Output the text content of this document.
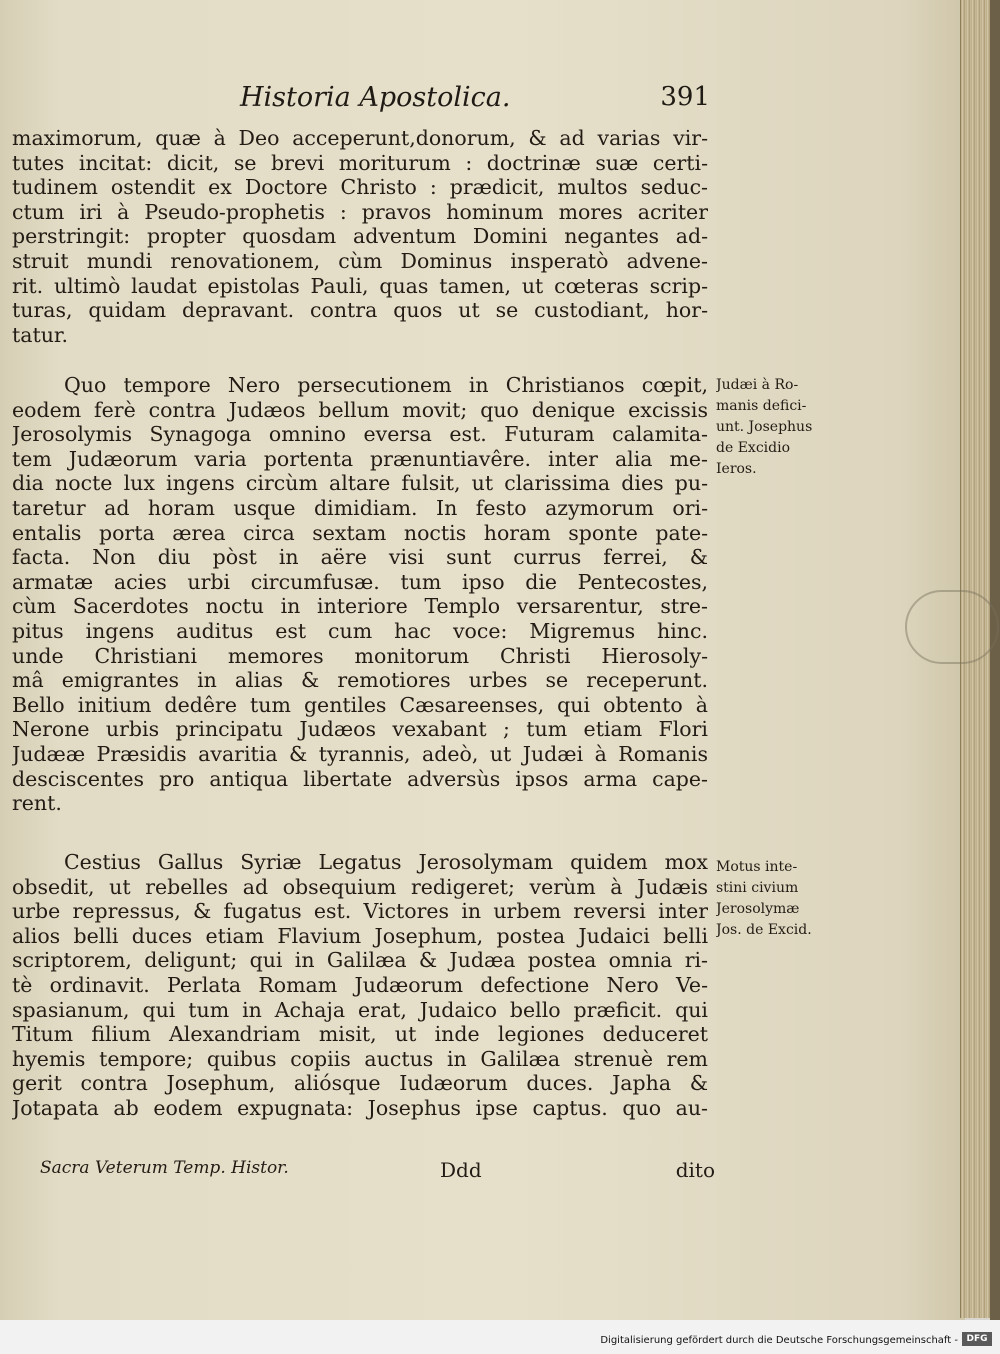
Historia Apostolica.	391
maximorum, quæ à Deo acceperunt,donorum, & ad varias vir-
tutes incitat: dicit, se brevi moriturum : doctrinæ suæ certi-
tudinem ostendit ex Doctore Christo : prædicit, multos seduc-
ctum iri à Pseudo-prophetis : pravos hominum mores acriter
perstringit: propter quosdam adventum Domini negantes ad-
struit mundi renovationem, cùm Dominus insperatò advene-
rit. ultimò laudat epistolas Pauli, quas tamen, ut cœteras scrip-
turas, quidam depravant. contra quos ut se custodiant, hor-
tatur.
Quo tempore Nero persecutionem in Christianos cœpit,
eodem ferè contra Judæos bellum movit; quo denique excissis
Jerosolymis Synagoga omnino eversa est. Futuram calamita-
tem Judæorum varia portenta prænuntiavêre. inter alia me-
dia nocte lux ingens circùm altare fulsit, ut clarissima dies pu-
taretur ad horam usque dimidiam. In festo azymorum ori-
entalis porta ærea circa sextam noctis horam sponte pate-
facta. Non diu pòst in aëre visi sunt currus ferrei, &
armatæ acies urbi circumfusæ. tum ipso die Pentecostes,
cùm Sacerdotes noctu in interiore Templo versarentur, stre-
pitus ingens auditus est cum hac voce: Migremus hinc.
unde Christiani memores monitorum Christi Hierosoly-
mâ emigrantes in alias & remotiores urbes se receperunt.
Bello initium dedêre tum gentiles Cæsareenses, qui obtento à
Nerone urbis principatu Judæos vexabant ; tum etiam Flori
Judææ Præsidis avaritia & tyrannis, adeò, ut Judæi à Romanis
desciscentes pro antiqua libertate adversùs ipsos arma cape-
rent.
Cestius Gallus Syriæ Legatus Jerosolymam quidem mox
obsedit, ut rebelles ad obsequium redigeret; verùm à Judæis
urbe repressus, & fugatus est. Victores in urbem reversi inter
alios belli duces etiam Flavium Josephum, postea Judaici belli
scriptorem, deligunt; qui in Galilæa & Judæa postea omnia ri-
tè ordinavit. Perlata Romam Judæorum defectione Nero Ve-
spasianum, qui tum in Achaja erat, Judaico bello præficit. qui
Titum filium Alexandriam misit, ut inde legiones deduceret
hyemis tempore; quibus copiis auctus in Galilæa strenuè rem
gerit contra Josephum, aliósque Iudæorum duces. Japha &
Jotapata ab eodem expugnata: Josephus ipse captus. quo au-
Judæi à Ro-
manis defici-
unt. Josephus
de Excidio
Ieros.
Motus inte-
stini civium
Jerosolymæ
Jos. de Excid.
Sacra Veterum Temp. Histor.	Ddd	dito
Digitalisierung gefördert durch die Deutsche Forschungsgemeinschaft - DFG
